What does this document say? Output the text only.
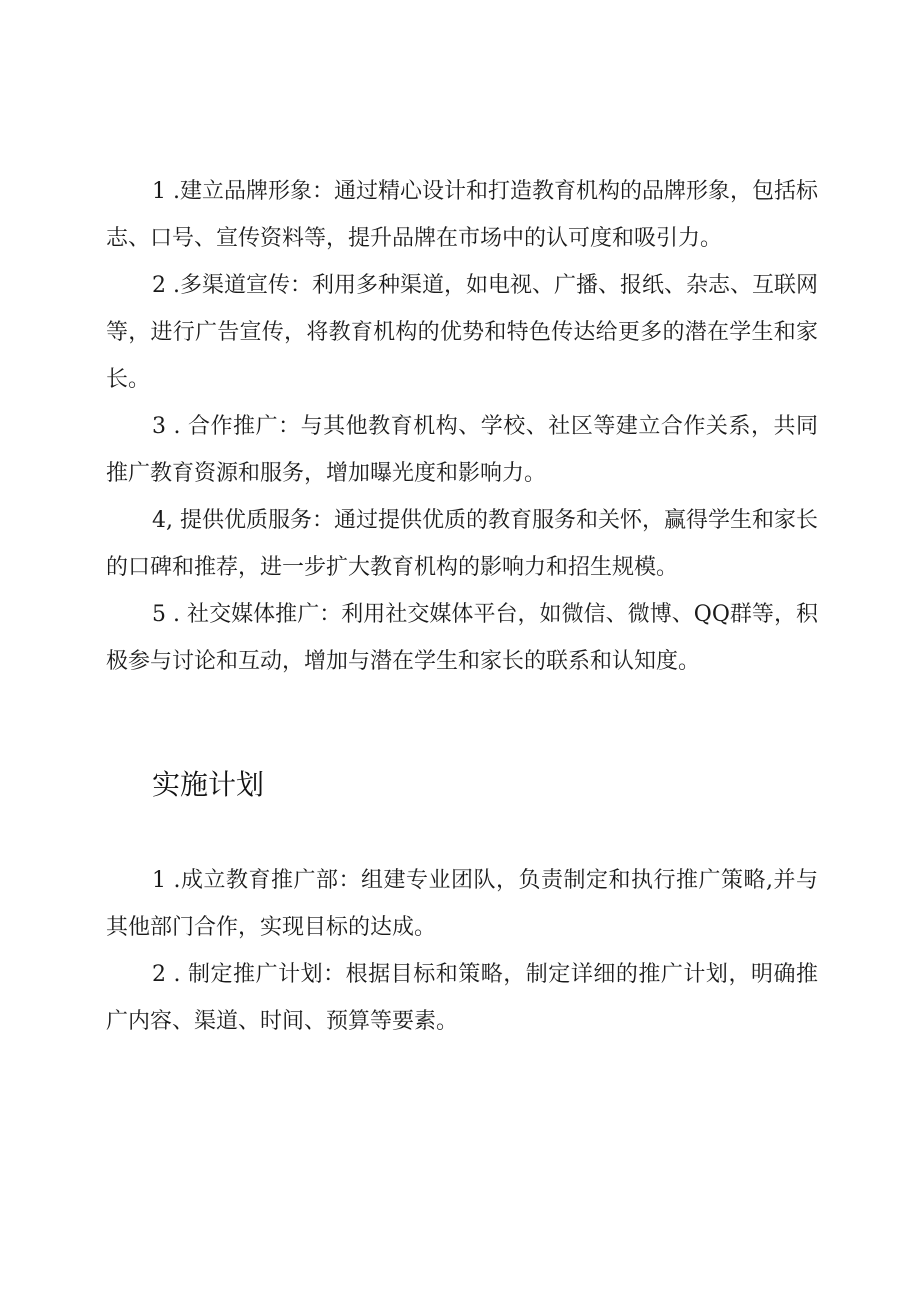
1 .建立品牌形象：通过精心设计和打造教育机构的品牌形象，包括标志、口号、宣传资料等，提升品牌在市场中的认可度和吸引力。

2 .多渠道宣传：利用多种渠道，如电视、广播、报纸、杂志、互联网等，进行广告宣传，将教育机构的优势和特色传达给更多的潜在学生和家长。

3 . 合作推广：与其他教育机构、学校、社区等建立合作关系，共同推广教育资源和服务，增加曝光度和影响力。

4, 提供优质服务：通过提供优质的教育服务和关怀，赢得学生和家长的口碑和推荐，进一步扩大教育机构的影响力和招生规模。

5 . 社交媒体推广：利用社交媒体平台，如微信、微博、QQ群等，积极参与讨论和互动，增加与潜在学生和家长的联系和认知度。

实施计划

1 .成立教育推广部：组建专业团队，负责制定和执行推广策略,并与其他部门合作，实现目标的达成。

2 . 制定推广计划：根据目标和策略，制定详细的推广计划，明确推广内容、渠道、时间、预算等要素。
